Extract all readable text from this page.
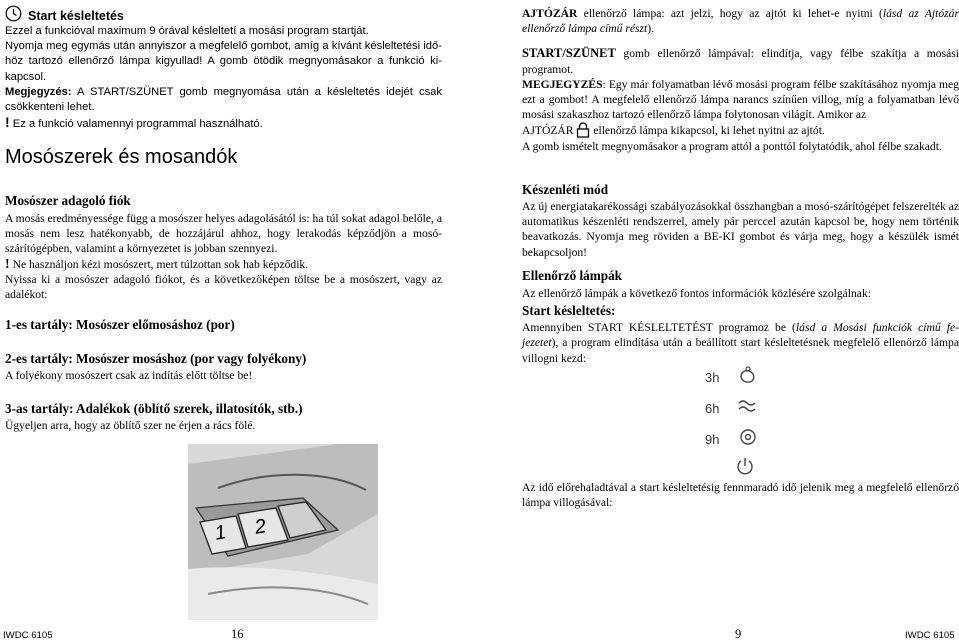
Start késleltetés

Ezzel a funkcióval maximum 9 órával késleltetí a mosási program startját.

Nyomja meg egymás után annyiszor a megfelelő gombot, amíg a kívánt késleltetési időhöz tartozó ellenőrző lámpa kigyullad! A gomb ötödik megnyomásakor a funkció kikapcsol.

Megjegyzés: A START/SZÜNET gomb megnyomása után a késleltetés idejét csak csökkenteni lehet.

! Ez a funkció valamennyi programmal használható.

Mosószerek és mosandók
Mosószer adagoló fiók

A mosás eredményessége függ a mosószer helyes adagolásától is: ha túl sokat adagol belőle, a mosás nem lesz hatékonyabb, de hozzájárul ahhoz, hogy lerakodás képződjön a mosó-szárítógépben, valamint a környezetet is jobban szennyezi.

! Ne használjon kézi mosószert, mert túlzottan sok hab képződik.

Nyissa ki a mosószer adagoló fiókot, és a következőképen töltse be a mosószert, vagy az adalékot:

1-es tartály: Mosószer előmosáshoz (por)
2-es tartály: Mosószer mosáshoz (por vagy folyékony)

A folyékony mosószert csak az indítás előtt töltse be!

3-as tartály: Adalékok (öblítő szerek, illatosítók, stb.)

Ügyeljen arra, hogy az öblítő szer ne érjen a rács fölé.

1 2

AJTÓZÁR ellenőrző lámpa: azt jelzi, hogy az ajtót ki lehet-e nyitni (lásd az Ajtózár ellenőrző lámpa című részt).

START/SZÜNET gomb ellenőrző lámpával: elindítja, vagy félbe szakítja a mosási programot.

MEGJEGYZÉS: Egy már folyamatban lévő mosási program félbe szakításához nyomja meg ezt a gombot! A megfelelő ellenőrző lámpa narancs színűen villog, míg a folyamatban lévő mosási szakaszhoz tartozó ellenőrző lámpa folytonosan világít. Amikor az

AJTÓZÁR  ellenőrző lámpa kikapcsol, ki lehet nyitni az ajtót.

A gomb ismételt megnyomásakor a program attól a ponttól folytatódik, ahol félbe szakadt.

Készenléti mód

Az új energiatakarékossági szabályozásokkal összhangban a mosó-szárítógépet felszerelték az automatikus készenléti rendszerrel, amely pár perccel azután kapcsol be, hogy nem történik beavatkozás. Nyomja meg röviden a BE-KI gombot és várja meg, hogy a készülék ismét bekapcsoljon!

Ellenőrző lámpák

Az ellenőrző lámpák a következő fontos információk közlésére szolgálnak:

Start késleltetés:

Amennyiben START KÉSLELTETÉST programoz be (lásd a Mosási funkciók című fejezetet), a program elindítása után a beállított start késleltetésnek megfelelő ellenőrző lámpa villogni kezd:

Az idő előrehaladtával a start késleltetésig fennmaradó idő jelenik meg a megfelelő ellenőrző lámpa villogásával:

3h
6h
9h
IWDC 6105	16	9	IWDC 6105
